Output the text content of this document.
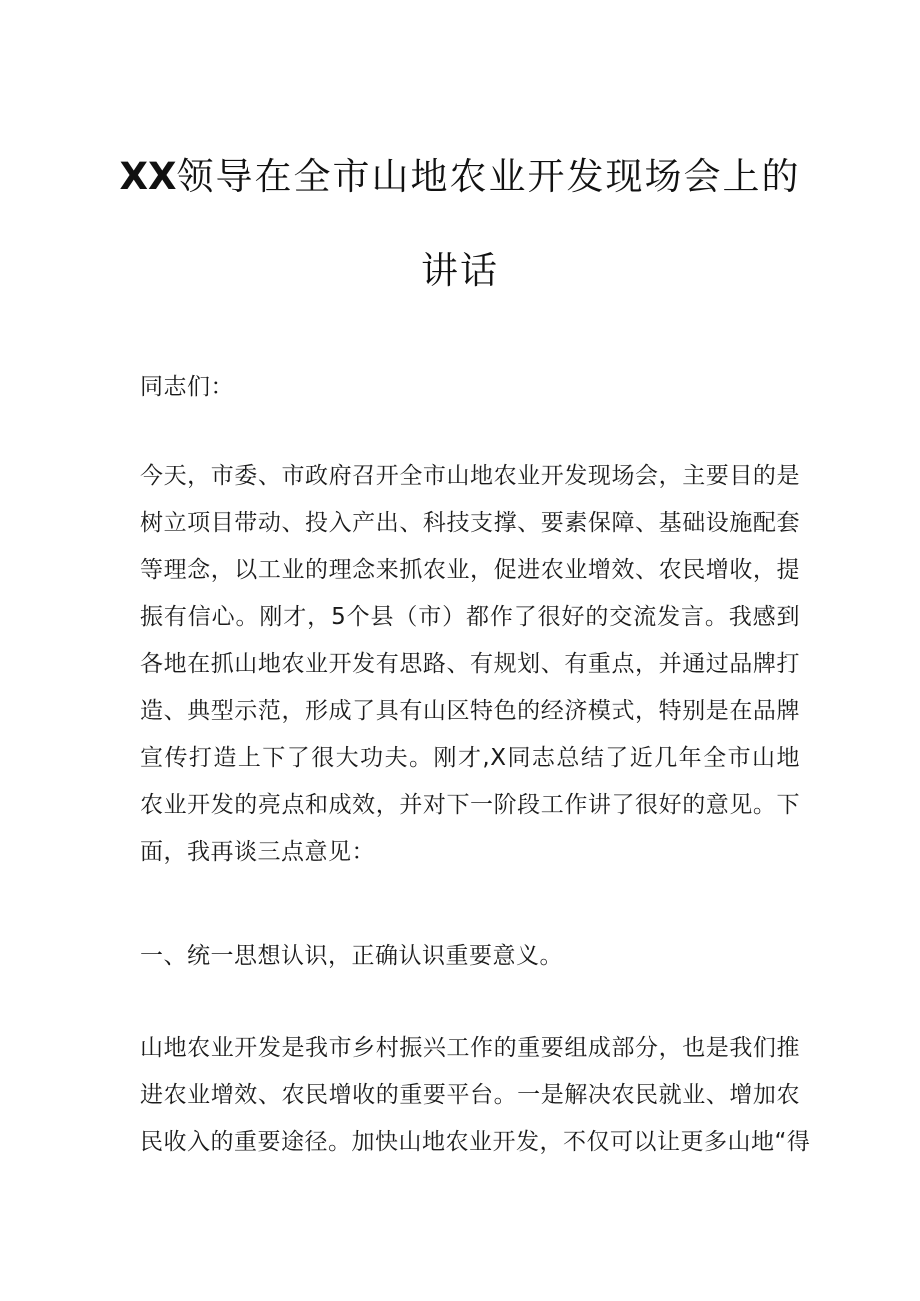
XX领导在全市山地农业开发现场会上的
讲话

同志们：

今天，市委、市政府召开全市山地农业开发现场会，主要目的是
树立项目带动、投入产出、科技支撑、要素保障、基础设施配套
等理念，以工业的理念来抓农业，促进农业增效、农民增收，提
振有信心。刚才，5个县（市）都作了很好的交流发言。我感到
各地在抓山地农业开发有思路、有规划、有重点，并通过品牌打
造、典型示范，形成了具有山区特色的经济模式，特别是在品牌
宣传打造上下了很大功夫。刚才,X同志总结了近几年全市山地
农业开发的亮点和成效，并对下一阶段工作讲了很好的意见。下
面，我再谈三点意见：

一、统一思想认识，正确认识重要意义。

山地农业开发是我市乡村振兴工作的重要组成部分，也是我们推
进农业增效、农民增收的重要平台。一是解决农民就业、增加农
民收入的重要途径。加快山地农业开发，不仅可以让更多山地“得
